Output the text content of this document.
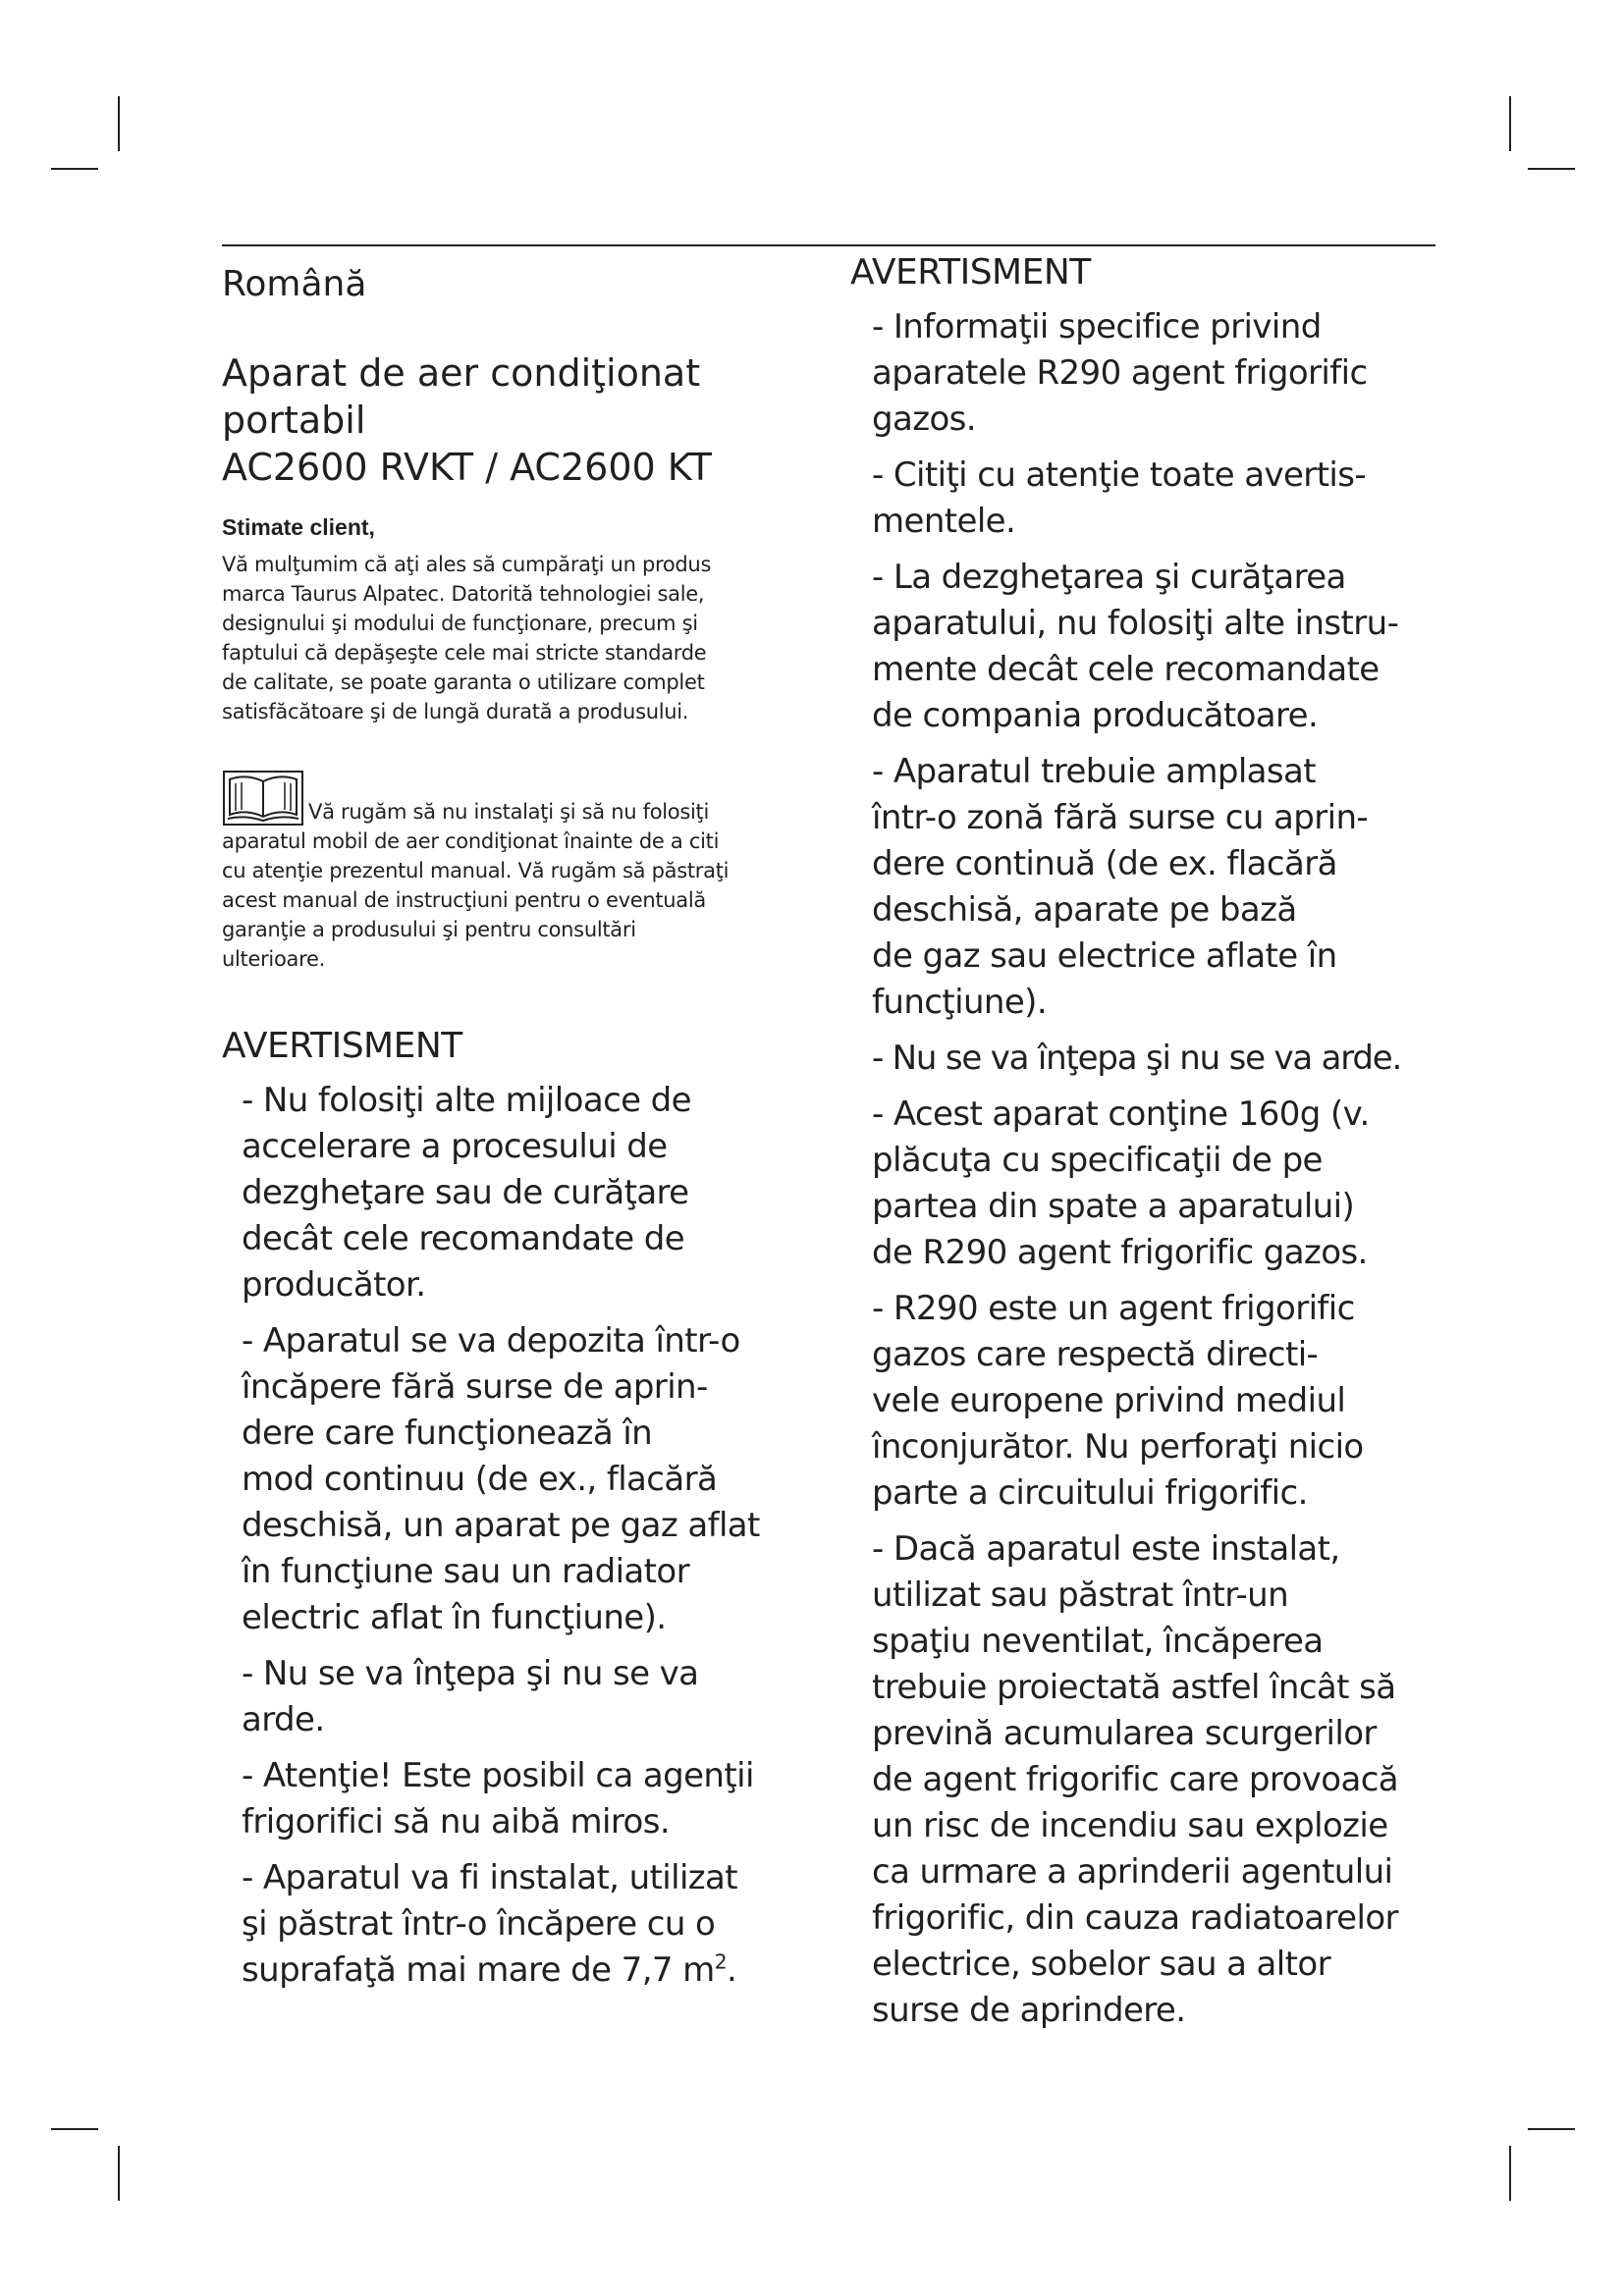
Română
Aparat de aer condiţionat
portabil
AC2600 RVKT / AC2600 KT
Stimate client,
Vă mulţumim că aţi ales să cumpăraţi un produs
marca Taurus Alpatec. Datorită tehnologiei sale,
designului şi modului de funcţionare, precum şi
faptului că depăşeşte cele mai stricte standarde
de calitate, se poate garanta o utilizare complet
satisfăcătoare şi de lungă durată a produsului.
Vă rugăm să nu instalaţi şi să nu folosiţi
aparatul mobil de aer condiţionat înainte de a citi
cu atenţie prezentul manual. Vă rugăm să păstraţi
acest manual de instrucţiuni pentru o eventuală
garanţie a produsului şi pentru consultări
ulterioare.
AVERTISMENT
- Nu folosiţi alte mijloace de
accelerare a procesului de
dezgheţare sau de curăţare
decât cele recomandate de
producător.
- Aparatul se va depozita într-o
încăpere fără surse de aprin-
dere care funcţionează în
mod continuu (de ex., flacără
deschisă, un aparat pe gaz aflat
în funcţiune sau un radiator
electric aflat în funcţiune).
- Nu se va înţepa şi nu se va
arde.
- Atenţie! Este posibil ca agenţii
frigorifici să nu aibă miros.
- Aparatul va fi instalat, utilizat
şi păstrat într-o încăpere cu o
suprafaţă mai mare de 7,7 $m^2$.
AVERTISMENT
- Informaţii specifice privind
aparatele R290 agent frigorific
gazos.
- Citiţi cu atenţie toate avertis-
mentele.
- La dezgheţarea şi curăţarea
aparatului, nu folosiţi alte instru-
mente decât cele recomandate
de compania producătoare.
- Aparatul trebuie amplasat
într-o zonă fără surse cu aprin-
dere continuă (de ex. flacără
deschisă, aparate pe bază
de gaz sau electrice aflate în
funcţiune).
- Nu se va înţepa şi nu se va arde.
- Acest aparat conţine 160g (v.
plăcuţa cu specificaţii de pe
partea din spate a aparatului)
de R290 agent frigorific gazos.
- R290 este un agent frigorific
gazos care respectă directi-
vele europene privind mediul
înconjurător. Nu perforaţi nicio
parte a circuitului frigorific.
- Dacă aparatul este instalat,
utilizat sau păstrat într-un
spaţiu neventilat, încăperea
trebuie proiectată astfel încât să
prevină acumularea scurgerilor
de agent frigorific care provoacă
un risc de incendiu sau explozie
ca urmare a aprinderii agentului
frigorific, din cauza radiatoarelor
electrice, sobelor sau a altor
surse de aprindere.
